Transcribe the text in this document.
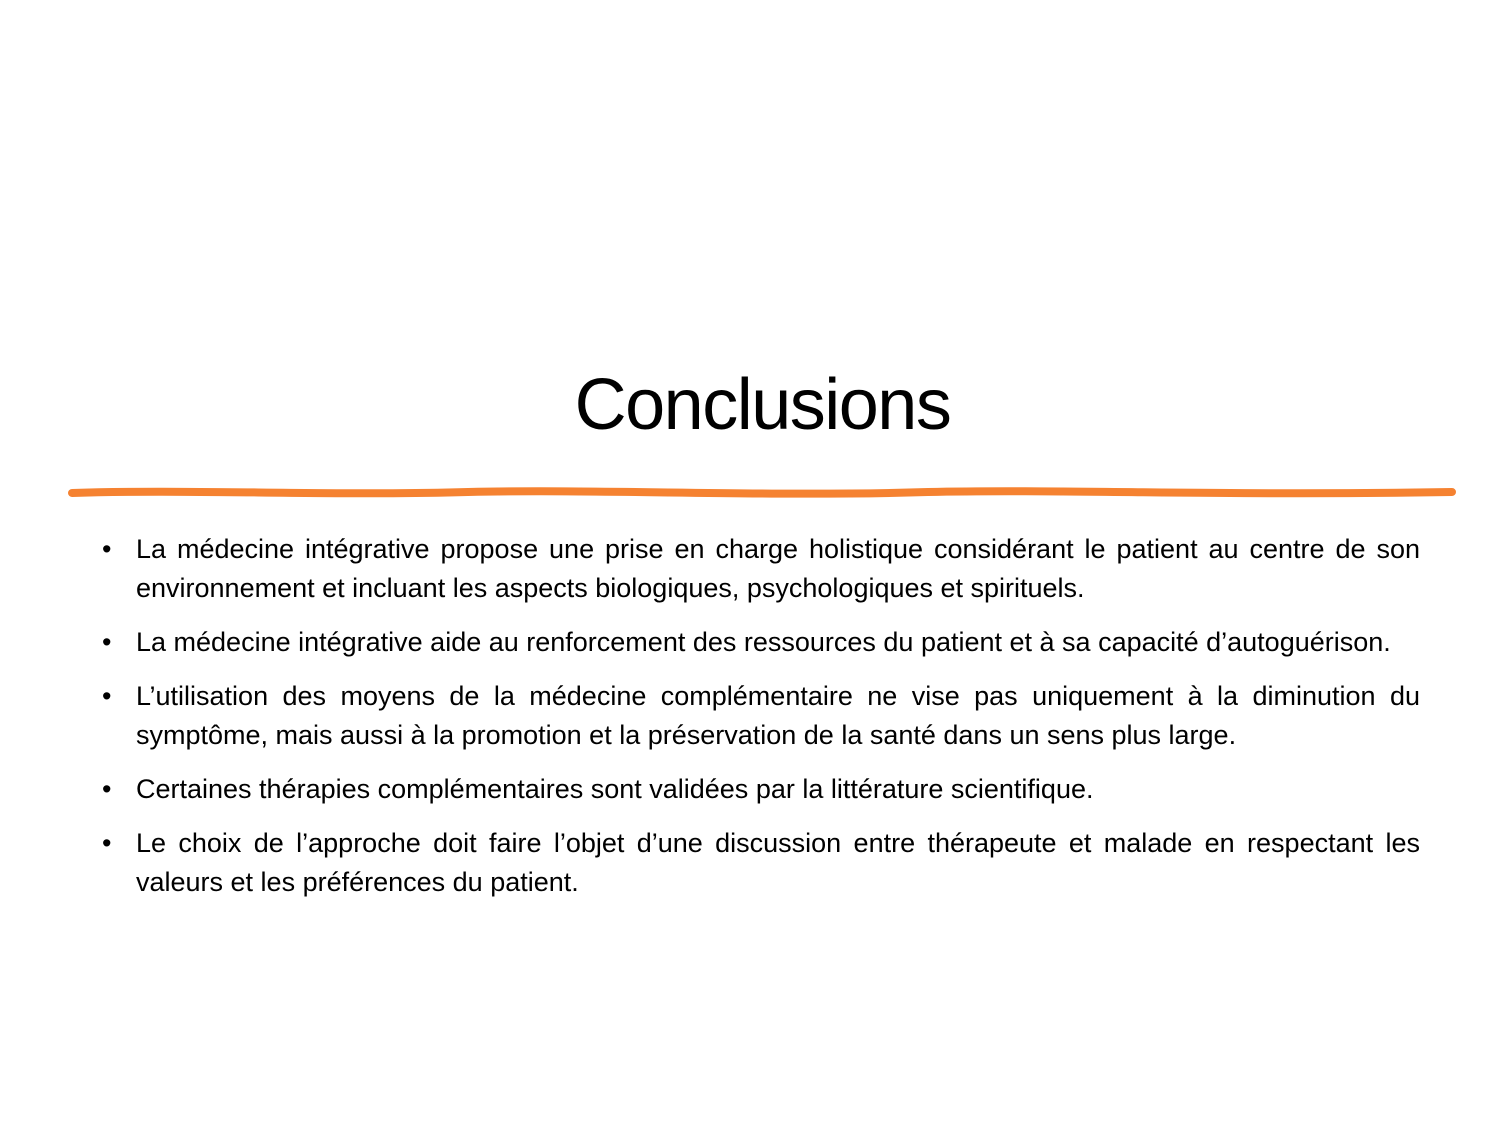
Conclusions
• La médecine intégrative propose une prise en charge holistique considérant le patient au centre de son environnement et incluant les aspects biologiques, psychologiques et spirituels.
• La médecine intégrative aide au renforcement des ressources du patient et à sa capacité d’autoguérison.
• L’utilisation des moyens de la médecine complémentaire ne vise pas uniquement à la diminution du symptôme, mais aussi à la promotion et la préservation de la santé dans un sens plus large.
• Certaines thérapies complémentaires sont validées par la littérature scientifique.
• Le choix de l’approche doit faire l’objet d’une discussion entre thérapeute et malade en respectant les valeurs et les préférences du patient.
